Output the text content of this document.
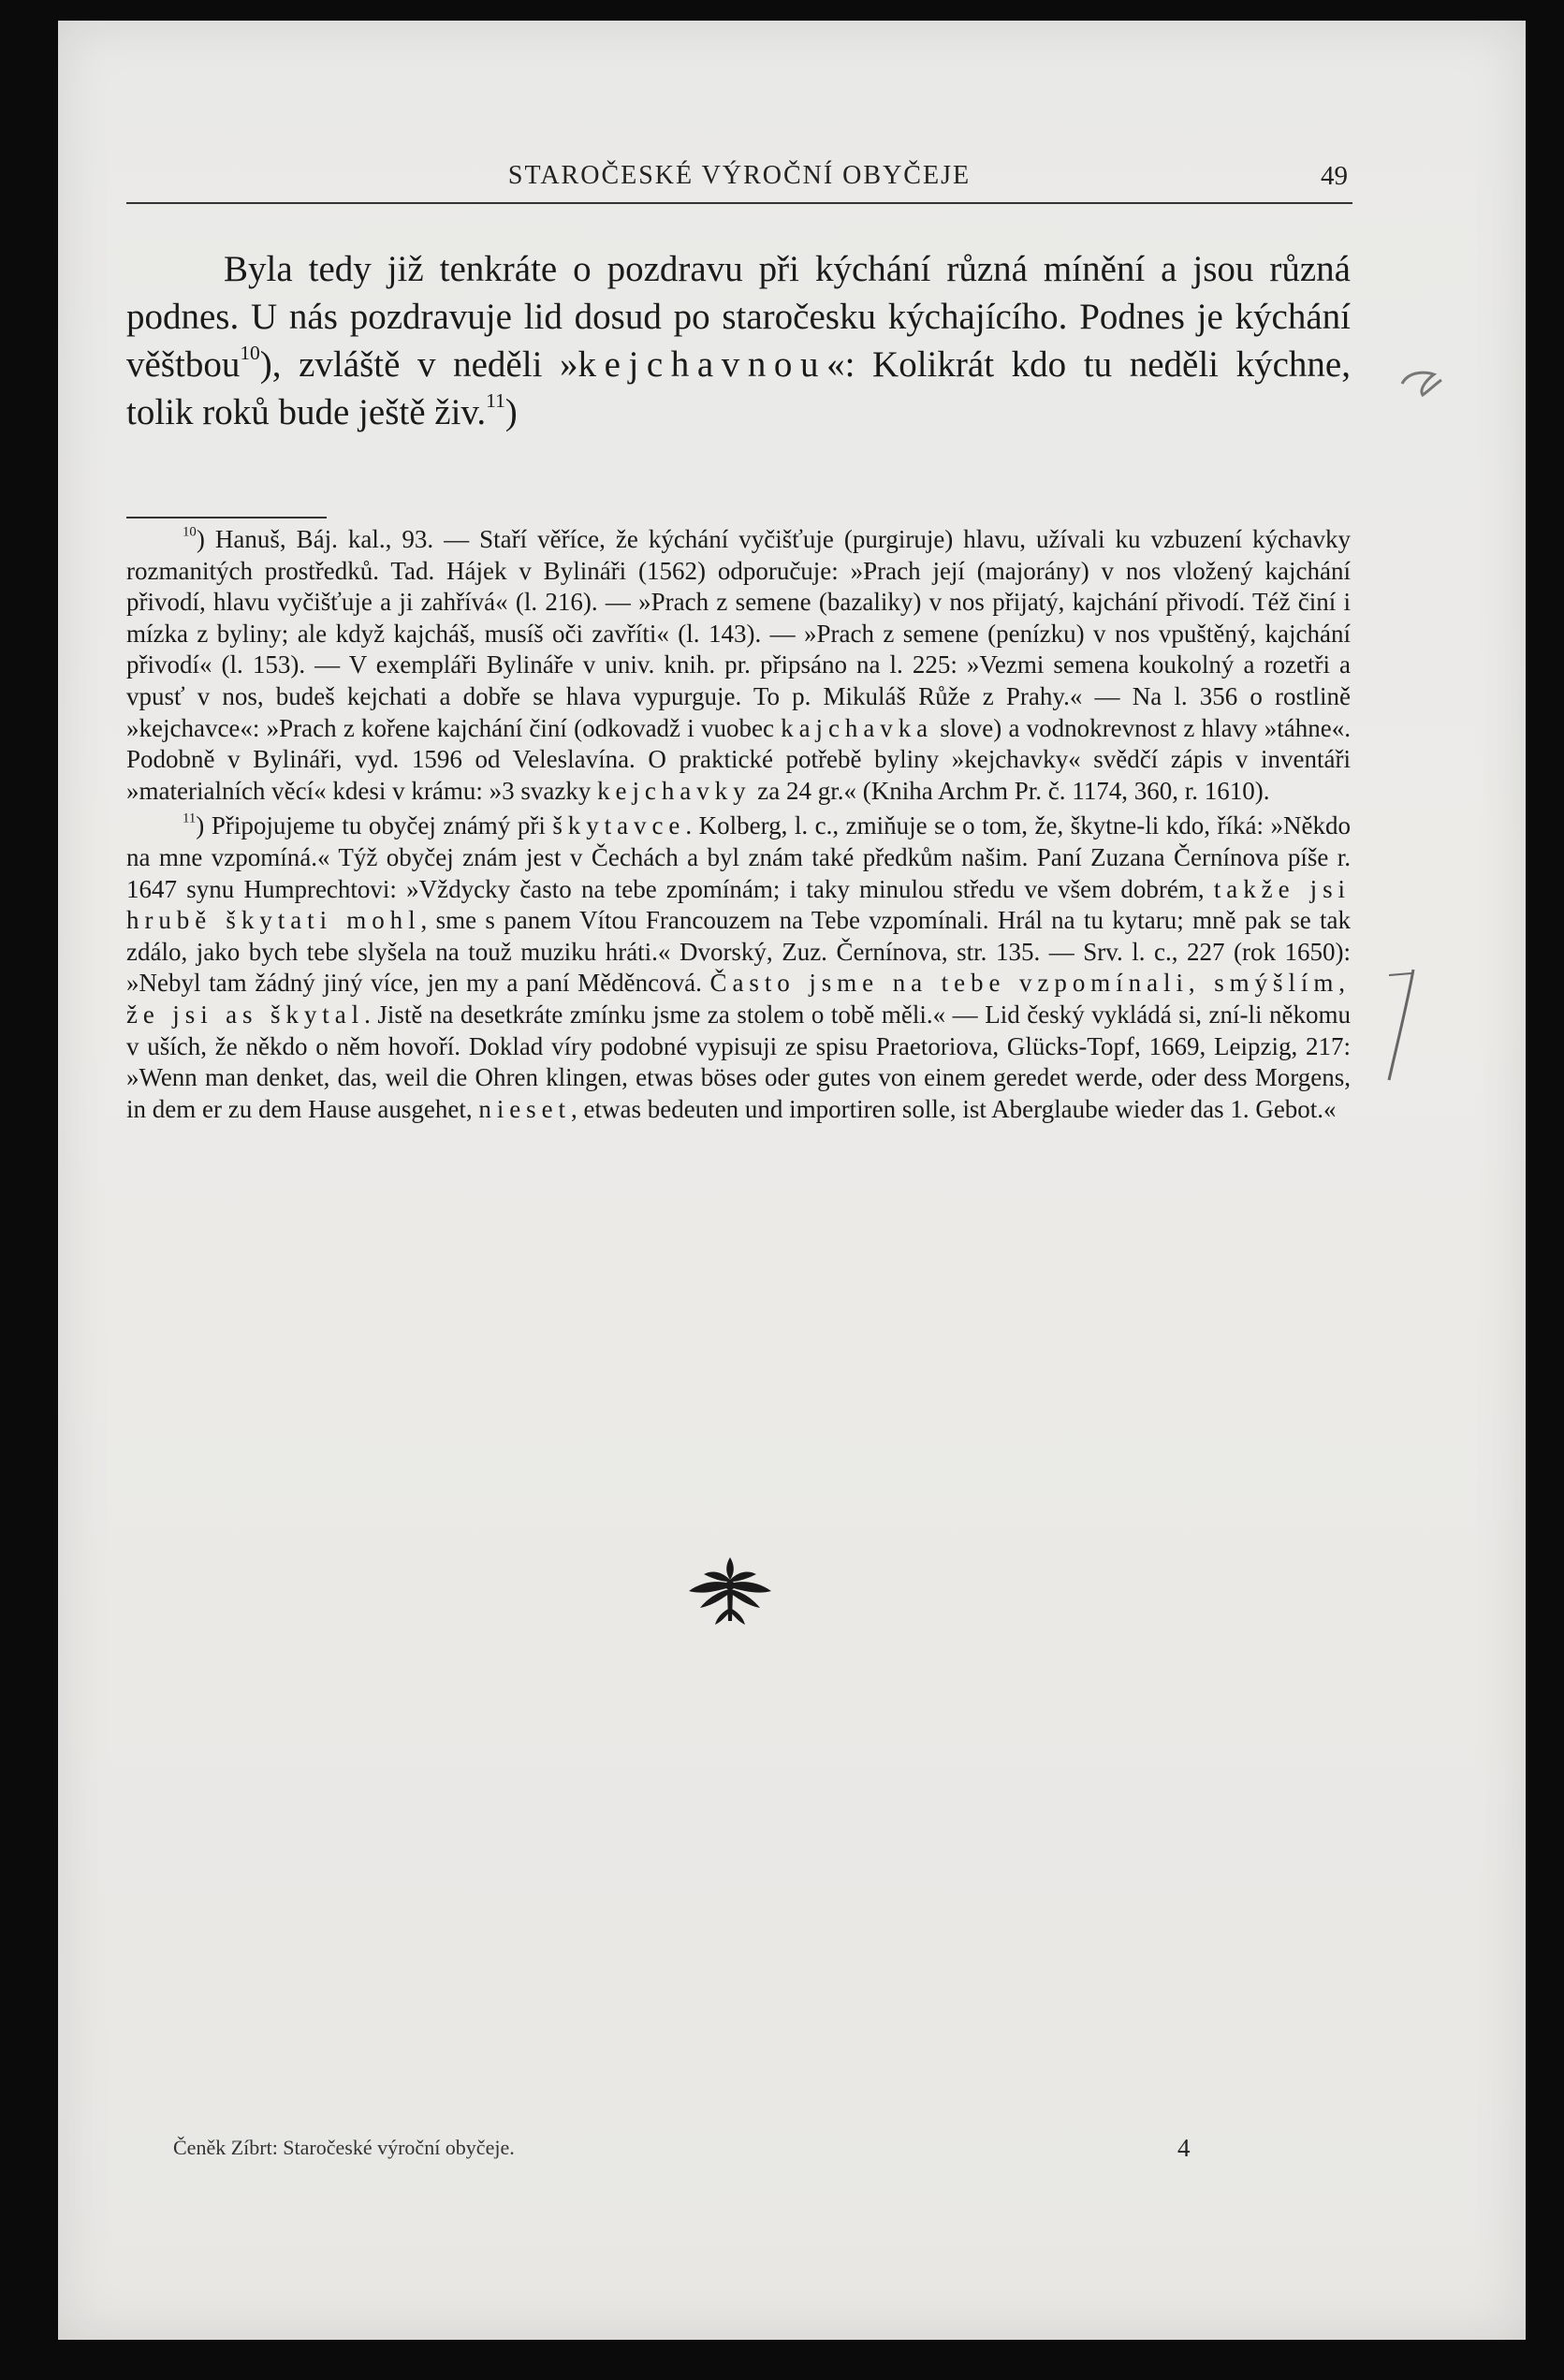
STAROČESKÉ VÝROČNÍ OBYČEJE	49

Byla tedy již tenkráte o pozdravu při kýchání různá mínění a jsou různá podnes. U nás pozdravuje lid dosud po staročesku kýchajícího. Podnes je kýchání věštbou$^{10}$), zvláště v neděli »kejchavnou«: Kolikrát kdo tu neděli kýchne, tolik roků bude ještě živ.$^{11}$)

$^{10}$) Hanuš, Báj. kal., 93. — Staří věříce, že kýchání vyčišťuje (purgiruje) hlavu, užívali ku vzbuzení kýchavky rozmanitých prostředků. Tad. Hájek v Bylináři (1562) odporučuje: »Prach její (majorány) v nos vložený kajchání přivodí, hlavu vyčišťuje a ji zahřívá« (l. 216). — »Prach z semene (bazaliky) v nos přijatý, kajchání přivodí. Též činí i mízka z byliny; ale když kajcháš, musíš oči zavříti« (l. 143). — »Prach z semene (penízku) v nos vpuštěný, kajchání přivodí« (l. 153). — V exempláři Bylináře v univ. knih. pr. připsáno na l. 225: »Vezmi semena koukolný a rozetři a vpusť v nos, budeš kejchati a dobře se hlava vypurguje. To p. Mikuláš Růže z Prahy.« — Na l. 356 o rostlině »kejchavce«: »Prach z kořene kajchání činí (odkovadž i vuobec kajchavka slove) a vodnokrevnost z hlavy »táhne«. Podobně v Bylináři, vyd. 1596 od Veleslavína. O praktické potřebě byliny »kejchavky« svědčí zápis v inventáři »materialních věcí« kdesi v krámu: »3 svazky kejchavky za 24 gr.« (Kniha Archm Pr. č. 1174, 360, r. 1610).

$^{11}$) Připojujeme tu obyčej známý při škytavce. Kolberg, l. c., zmiňuje se o tom, že, škytne-li kdo, říká: »Někdo na mne vzpomíná.« Týž obyčej znám jest v Čechách a byl znám také předkům našim. Paní Zuzana Černínova píše r. 1647 synu Humprechtovi: »Vždycky často na tebe zpomínám; i taky minulou středu ve všem dobrém, takže jsi hrubě škytati mohl, sme s panem Vítou Francouzem na Tebe vzpomínali. Hrál na tu kytaru; mně pak se tak zdálo, jako bych tebe slyšela na touž muziku hráti.« Dvorský, Zuz. Černínova, str. 135. — Srv. l. c., 227 (rok 1650): »Nebyl tam žádný jiný více, jen my a paní Měděncová. Často jsme na tebe vzpomínali, smýšlím, že jsi as škytal. Jistě na desetkráte zmínku jsme za stolem o tobě měli.« — Lid český vykládá si, zní-li někomu v uších, že někdo o něm hovoří. Doklad víry podobné vypisuji ze spisu Praetoriova, Glücks-Topf, 1669, Leipzig, 217: »Wenn man denket, das, weil die Ohren klingen, etwas böses oder gutes von einem geredet werde, oder dess Morgens, in dem er zu dem Hause ausgehet, nieset, etwas bedeuten und importiren solle, ist Aberglaube wieder das 1. Gebot.«

Čeněk Zíbrt: Staročeské výroční obyčeje.	4
